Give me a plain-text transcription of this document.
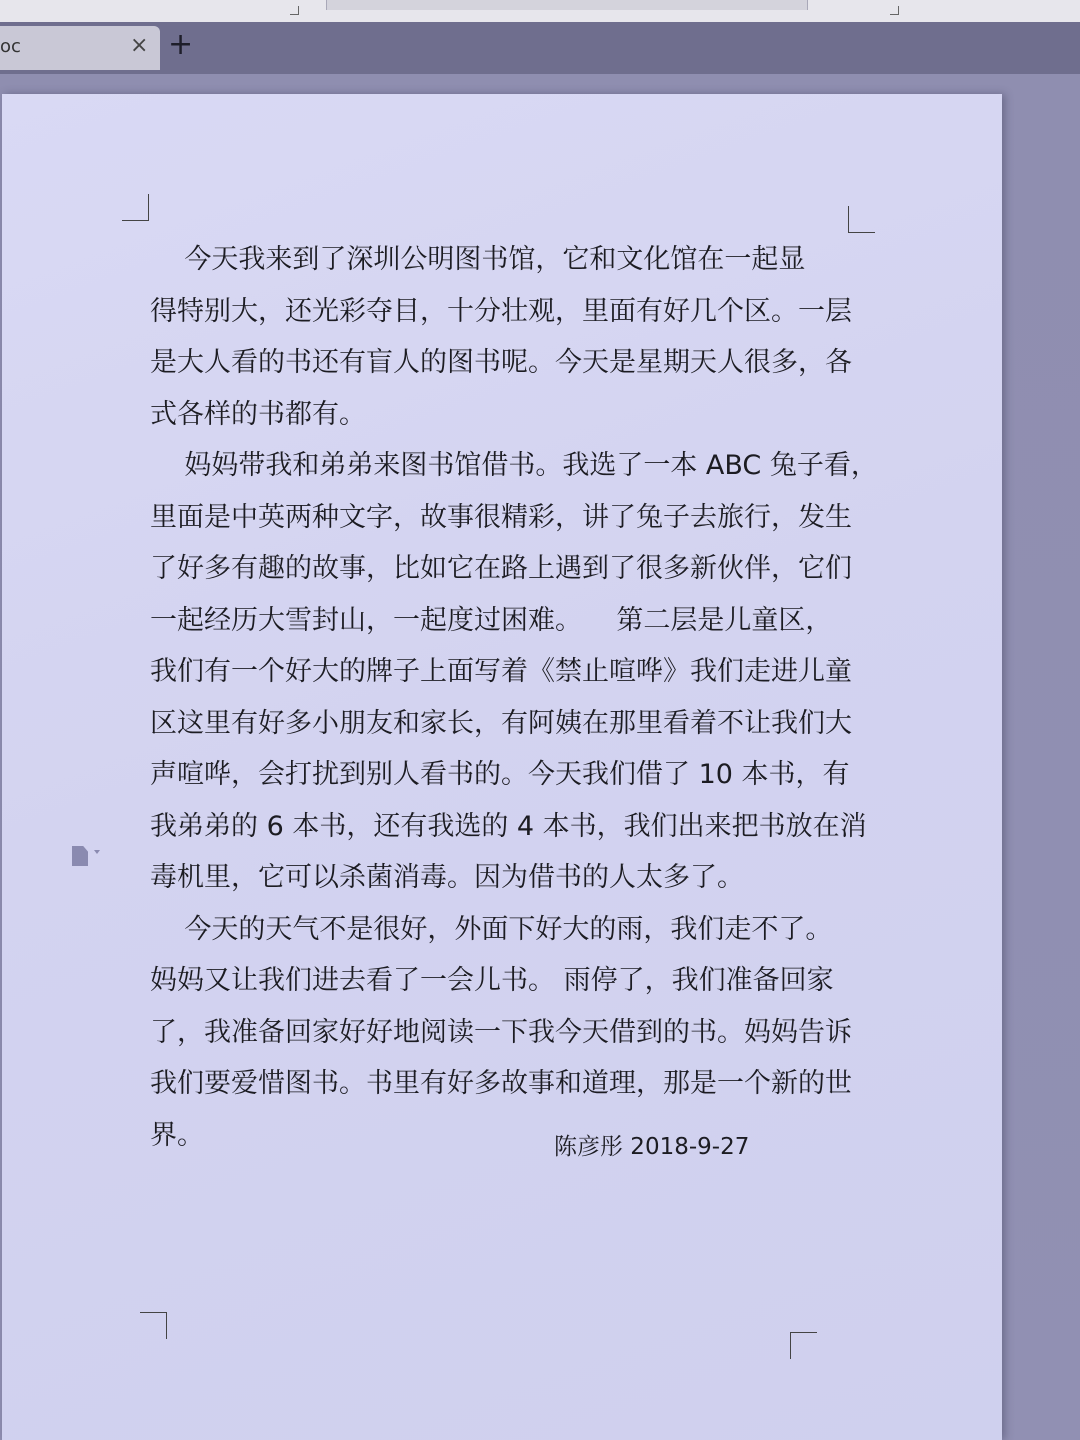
oc	× +

今天我来到了深圳公明图书馆，它和文化馆在一起显

得特别大，还光彩夺目，十分壮观，里面有好几个区。一层

是大人看的书还有盲人的图书呢。今天是星期天人很多，各

式各样的书都有。

妈妈带我和弟弟来图书馆借书。我选了一本 ABC 兔子看，

里面是中英两种文字，故事很精彩，讲了兔子去旅行，发生

了好多有趣的故事，比如它在路上遇到了很多新伙伴，它们

一起经历大雪封山，一起度过困难。    第二层是儿童区，

我们有一个好大的牌子上面写着《禁止喧哗》我们走进儿童

区这里有好多小朋友和家长，有阿姨在那里看着不让我们大

声喧哗，会打扰到别人看书的。今天我们借了 10 本书，有

我弟弟的 6 本书，还有我选的 4 本书，我们出来把书放在消

毒机里，它可以杀菌消毒。因为借书的人太多了。

今天的天气不是很好，外面下好大的雨，我们走不了。

妈妈又让我们进去看了一会儿书。 雨停了，我们准备回家

了，我准备回家好好地阅读一下我今天借到的书。妈妈告诉

我们要爱惜图书。书里有好多故事和道理，那是一个新的世

界。	陈彦彤 2018-9-27
